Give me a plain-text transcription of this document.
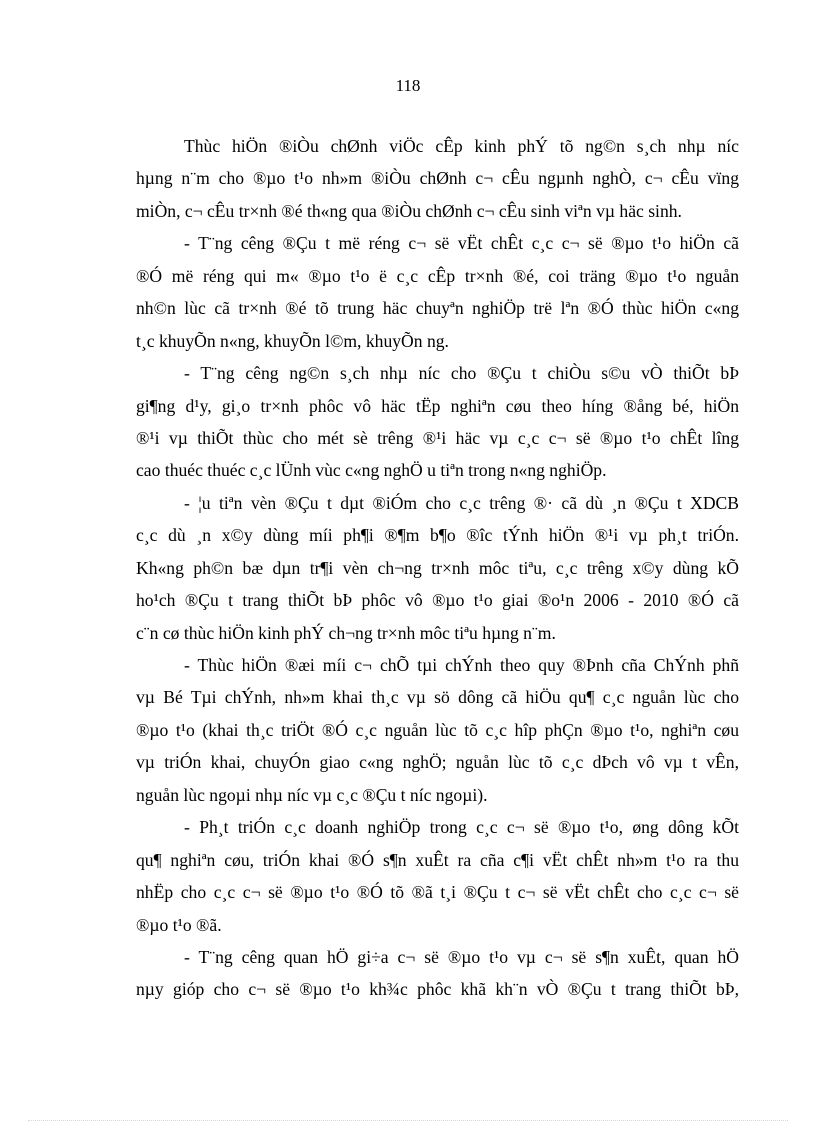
118
Thùc hiÖn ®iÒu chØnh viÖc cÊp kinh phÝ tõ ng©n s¸ch nhµ níc
hµng n¨m cho ®µo t¹o nh»m ®iÒu chØnh c¬ cÊu ngµnh nghÒ, c¬ cÊu vïng
miÒn, c¬ cÊu tr×nh ®é th«ng qua ®iÒu chØnh c¬ cÊu sinh viªn vµ häc sinh.
- T¨ng cêng ®Çu t më réng c¬ së vËt chÊt c¸c c¬ së ®µo t¹o hiÖn cã
®Ó më réng qui m« ®µo t¹o ë c¸c cÊp tr×nh ®é, coi träng ®µo t¹o nguån
nh©n lùc cã tr×nh ®é tõ trung häc chuyªn nghiÖp trë lªn ®Ó thùc hiÖn c«ng
t¸c khuyÕn n«ng, khuyÕn l©m, khuyÕn ng.
- T¨ng cêng ng©n s¸ch nhµ níc cho ®Çu t chiÒu s©u vÒ thiÕt bÞ
gi¶ng d¹y, gi¸o tr×nh phôc vô häc tËp nghiªn cøu theo híng ®ång bé, hiÖn
®¹i vµ thiÕt thùc cho mét sè trêng ®¹i häc vµ c¸c c¬ së ®µo t¹o chÊt lîng
cao thuéc thuéc c¸c lÜnh vùc c«ng nghÖ u tiªn trong n«ng nghiÖp.
- ¦u tiªn vèn ®Çu t dµt ®iÓm cho c¸c trêng ®· cã dù ¸n ®Çu t XDCB
c¸c dù ¸n x©y dùng míi ph¶i ®¶m b¶o ®îc tÝnh hiÖn ®¹i vµ ph¸t triÓn.
Kh«ng ph©n bæ dµn tr¶i vèn ch¬ng tr×nh môc tiªu, c¸c trêng x©y dùng kÕ
ho¹ch ®Çu t trang thiÕt bÞ phôc vô ®µo t¹o giai ®o¹n 2006 - 2010 ®Ó cã
c¨n cø thùc hiÖn kinh phÝ ch¬ng tr×nh môc tiªu hµng n¨m.
- Thùc hiÖn ®æi míi c¬ chÕ tµi chÝnh theo quy ®Þnh cña ChÝnh phñ
vµ Bé Tµi chÝnh, nh»m khai th¸c vµ sö dông cã hiÖu qu¶ c¸c nguån lùc cho
®µo t¹o (khai th¸c triÖt ®Ó c¸c nguån lùc tõ c¸c hîp phÇn ®µo t¹o, nghiªn cøu
vµ triÓn khai, chuyÓn giao c«ng nghÖ; nguån lùc tõ c¸c dÞch vô vµ t vÊn,
nguån lùc ngoµi nhµ níc vµ c¸c ®Çu t níc ngoµi).
- Ph¸t triÓn c¸c doanh nghiÖp trong c¸c c¬ së ®µo t¹o, øng dông kÕt
qu¶ nghiªn cøu, triÓn khai ®Ó s¶n xuÊt ra cña c¶i vËt chÊt nh»m t¹o ra thu
nhËp cho c¸c c¬ së ®µo t¹o ®Ó tõ ®ã t¸i ®Çu t c¬ së vËt chÊt cho c¸c c¬ së
®µo t¹o ®ã.
- T¨ng cêng quan hÖ gi÷a c¬ së ®µo t¹o vµ c¬ së s¶n xuÊt, quan hÖ
nµy gióp cho c¬ së ®µo t¹o kh¾c phôc khã kh¨n vÒ ®Çu t trang thiÕt bÞ,
